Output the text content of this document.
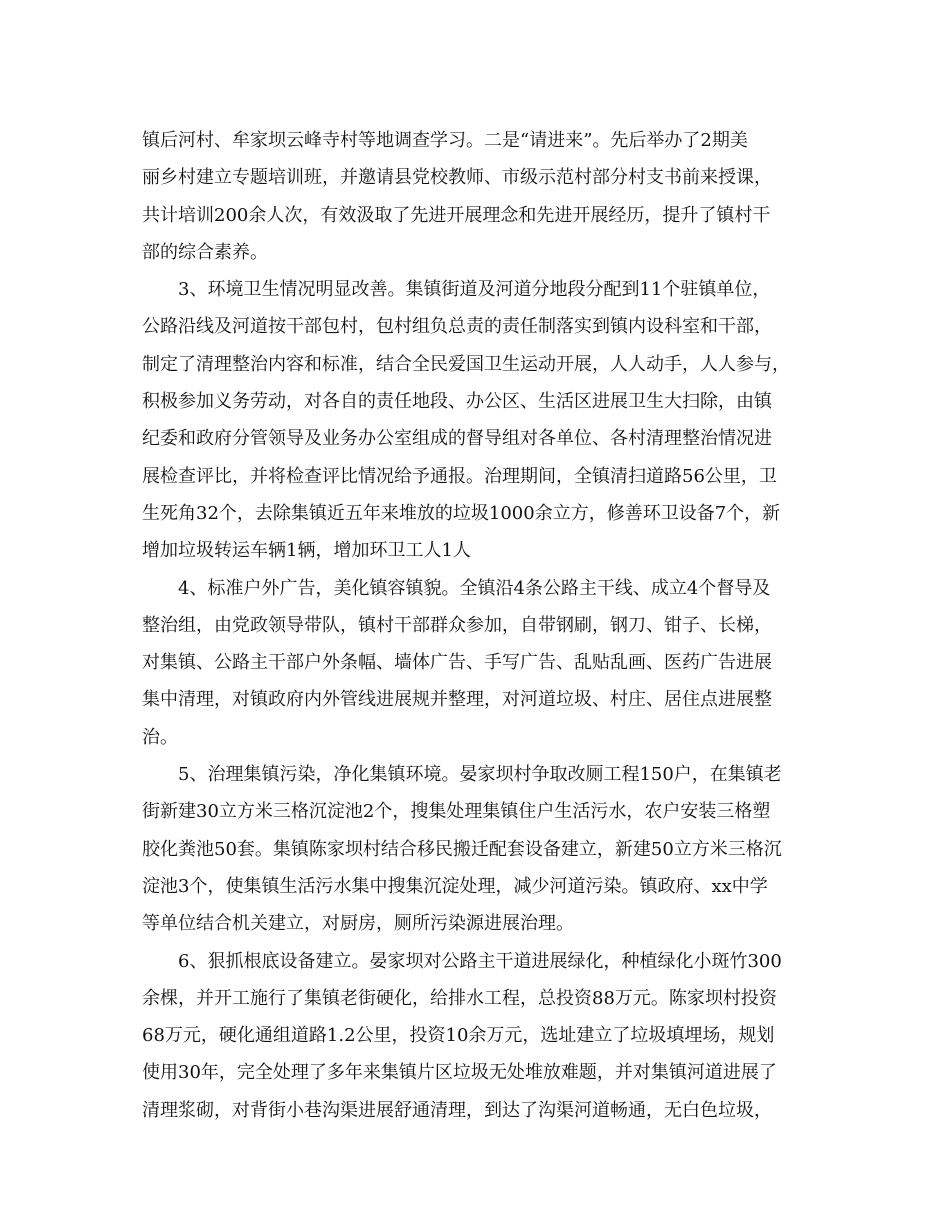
镇后河村、牟家坝云峰寺村等地调查学习。二是“请进来”。先后举办了2期美
丽乡村建立专题培训班，并邀请县党校教师、市级示范村部分村支书前来授课，
共计培训200余人次，有效汲取了先进开展理念和先进开展经历，提升了镇村干
部的综合素养。
3、环境卫生情况明显改善。集镇街道及河道分地段分配到11个驻镇单位，
公路沿线及河道按干部包村，包村组负总责的责任制落实到镇内设科室和干部，
制定了清理整治内容和标准，结合全民爱国卫生运动开展，人人动手，人人参与，
积极参加义务劳动，对各自的责任地段、办公区、生活区进展卫生大扫除，由镇
纪委和政府分管领导及业务办公室组成的督导组对各单位、各村清理整治情况进
展检查评比，并将检查评比情况给予通报。治理期间，全镇清扫道路56公里，卫
生死角32个，去除集镇近五年来堆放的垃圾1000余立方，修善环卫设备7个，新
增加垃圾转运车辆1辆，增加环卫工人1人
4、标准户外广告，美化镇容镇貌。全镇沿4条公路主干线、成立4个督导及
整治组，由党政领导带队，镇村干部群众参加，自带钢刷，钢刀、钳子、长梯，
对集镇、公路主干部户外条幅、墙体广告、手写广告、乱贴乱画、医药广告进展
集中清理，对镇政府内外管线进展规并整理，对河道垃圾、村庄、居住点进展整
治。
5、治理集镇污染，净化集镇环境。晏家坝村争取改厕工程150户，在集镇老
街新建30立方米三格沉淀池2个，搜集处理集镇住户生活污水，农户安装三格塑
胶化粪池50套。集镇陈家坝村结合移民搬迁配套设备建立，新建50立方米三格沉
淀池3个，使集镇生活污水集中搜集沉淀处理，减少河道污染。镇政府、xx中学
等单位结合机关建立，对厨房，厕所污染源进展治理。
6、狠抓根底设备建立。晏家坝对公路主干道进展绿化，种植绿化小斑竹300
余棵，并开工施行了集镇老街硬化，给排水工程，总投资88万元。陈家坝村投资
68万元，硬化通组道路1.2公里，投资10余万元，选址建立了垃圾填埋场，规划
使用30年，完全处理了多年来集镇片区垃圾无处堆放难题，并对集镇河道进展了
清理浆砌，对背街小巷沟渠进展舒通清理，到达了沟渠河道畅通，无白色垃圾，
